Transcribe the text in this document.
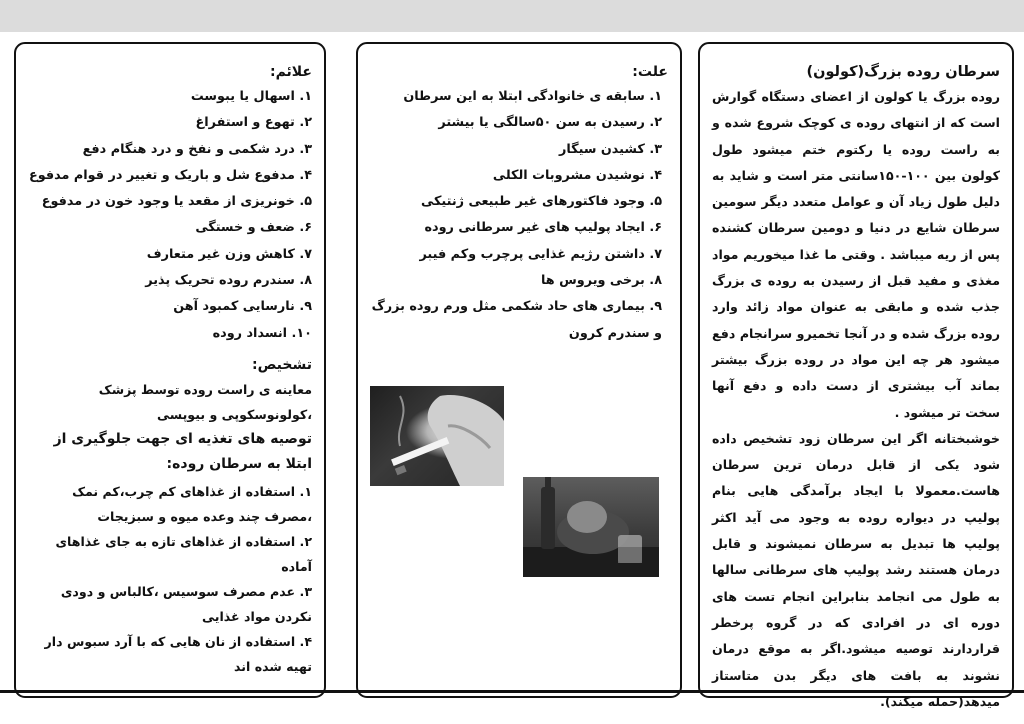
سرطان روده بزرگ(کولون)

روده بزرگ یا کولون از اعضای دستگاه گوارش است که از انتهای روده ی کوچک شروع شده و به راست روده یا رکتوم ختم میشود طول کولون بین ۱۰۰-۱۵۰سانتی متر است و شاید به دلیل طول زیاد آن و عوامل متعدد دیگر سومین سرطان شایع در دنیا و دومین سرطان کشنده پس از ریه میباشد . وقتی ما غذا میخوریم مواد مغذی و مفید قبل از رسیدن به روده ی بزرگ جذب شده و مابقی به عنوان مواد زائد وارد روده بزرگ شده و در آنجا تخمیرو سرانجام دفع میشود هر چه این مواد در روده بزرگ بیشتر بماند آب بیشتری از دست داده و دفع آنها سخت تر میشود .

خوشبختانه اگر این سرطان زود تشخیص داده شود یکی از قابل درمان ترین سرطان هاست.معمولا با ایجاد برآمدگی هایی بنام پولیپ در دیواره روده به وجود می آید اکثر پولیپ ها تبدیل به سرطان نمیشوند و قابل درمان هستند رشد پولیپ های سرطانی سالها به طول می انجامد بنابراین انجام تست های دوره ای در افرادی که در گروه پرخطر قراردارند توصیه میشود.اگر به موقع درمان نشوند به بافت های دیگر بدن متاستاز میدهد(حمله میکند).

علت:
۱. سابقه ی خانوادگی ابتلا به این سرطان
۲. رسیدن به سن ۵۰سالگی یا بیشتر
۳. کشیدن سیگار
۴. نوشیدن مشروبات الکلی
۵. وجود فاکتورهای غیر طبیعی ژنتیکی
۶. ایجاد پولیپ های غیر سرطانی روده
۷. داشتن رژیم غذایی پرچرب وکم فیبر
۸. برخی ویروس ها
۹. بیماری های حاد شکمی مثل ورم روده بزرگ و سندرم کرون
علائم:
۱. اسهال یا یبوست
۲. تهوع و استفراغ
۳. درد شکمی و نفخ و درد هنگام دفع
۴. مدفوع شل و باریک و تغییر در قوام مدفوع
۵. خونریزی از مقعد یا وجود خون در مدفوع
۶. ضعف و خستگی
۷. کاهش وزن غیر متعارف
۸. سندرم روده تحریک پذیر
۹. نارسایی کمبود آهن
۱۰. انسداد روده
تشخیص:

معاینه ی راست روده توسط پزشک ،کولونوسکوپی و بیوپسی

توصیه های تغذیه ای جهت جلوگیری از ابتلا به سرطان روده:
۱. استفاده از غذاهای کم چرب،کم نمک ،مصرف چند وعده میوه و سبزیجات
۲. استفاده از غذاهای تازه به جای غذاهای آماده
۳. عدم مصرف سوسیس ،کالباس و دودی نکردن مواد غذایی
۴. استفاده از نان هایی که با آرد سبوس دار تهیه شده اند
